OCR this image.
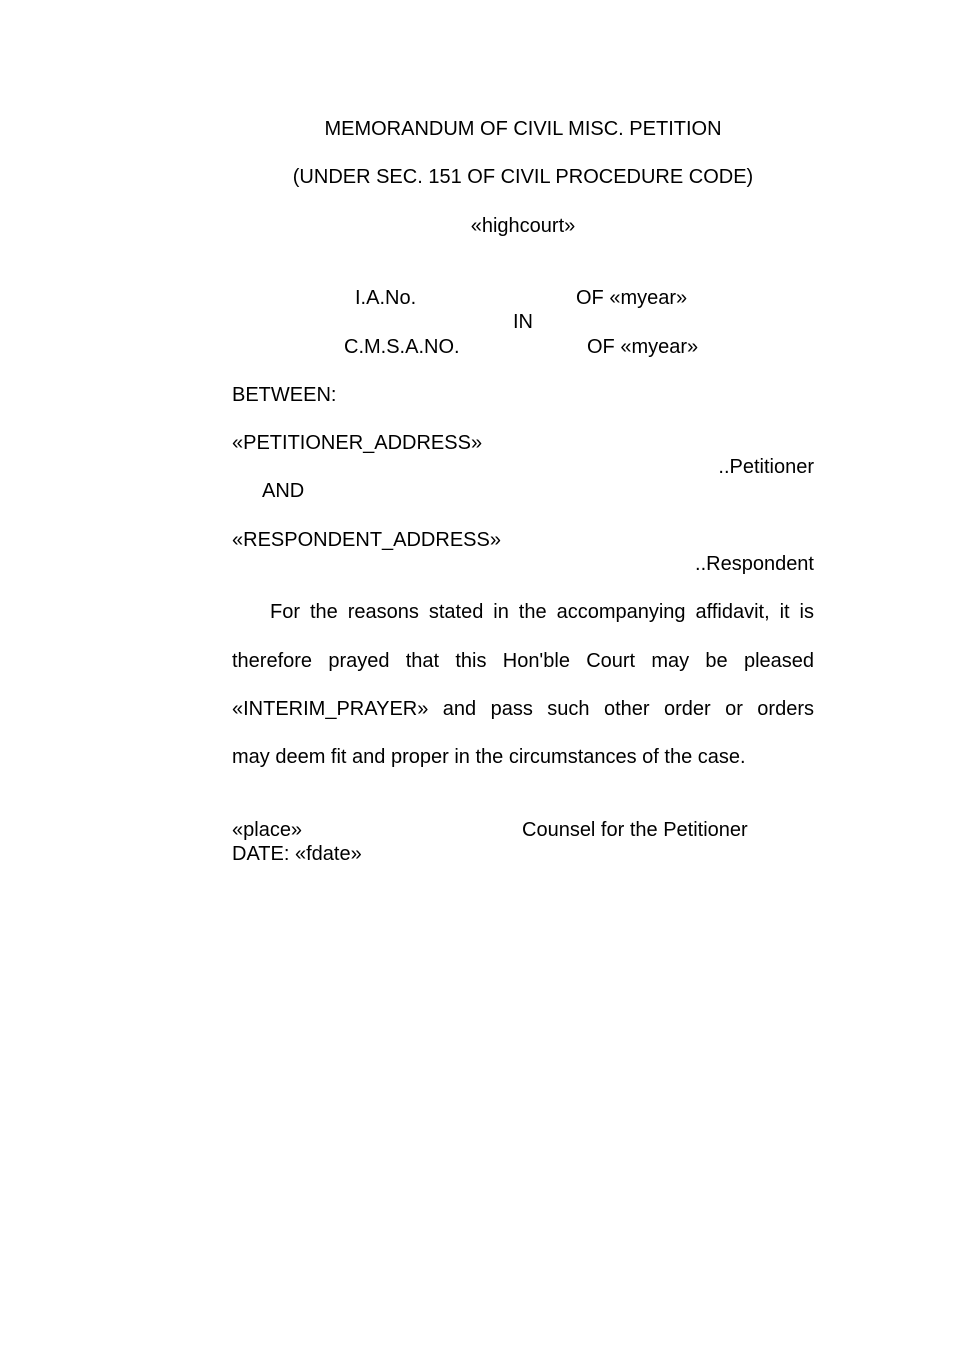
MEMORANDUM OF CIVIL MISC. PETITION
(UNDER SEC. 151 OF CIVIL PROCEDURE CODE)
«highcourt»
I.A.No.	OF «myear»
IN
C.M.S.A.NO.	OF «myear»
BETWEEN:
«PETITIONER_ADDRESS»
..Petitioner
AND
«RESPONDENT_ADDRESS»
..Respondent
For the reasons stated in the accompanying affidavit, it is
therefore prayed that this Hon'ble Court may be pleased
«INTERIM_PRAYER» and pass such other order or orders
may deem fit and proper in the circumstances of the case.
«place»	Counsel for the Petitioner
DATE: «fdate»
